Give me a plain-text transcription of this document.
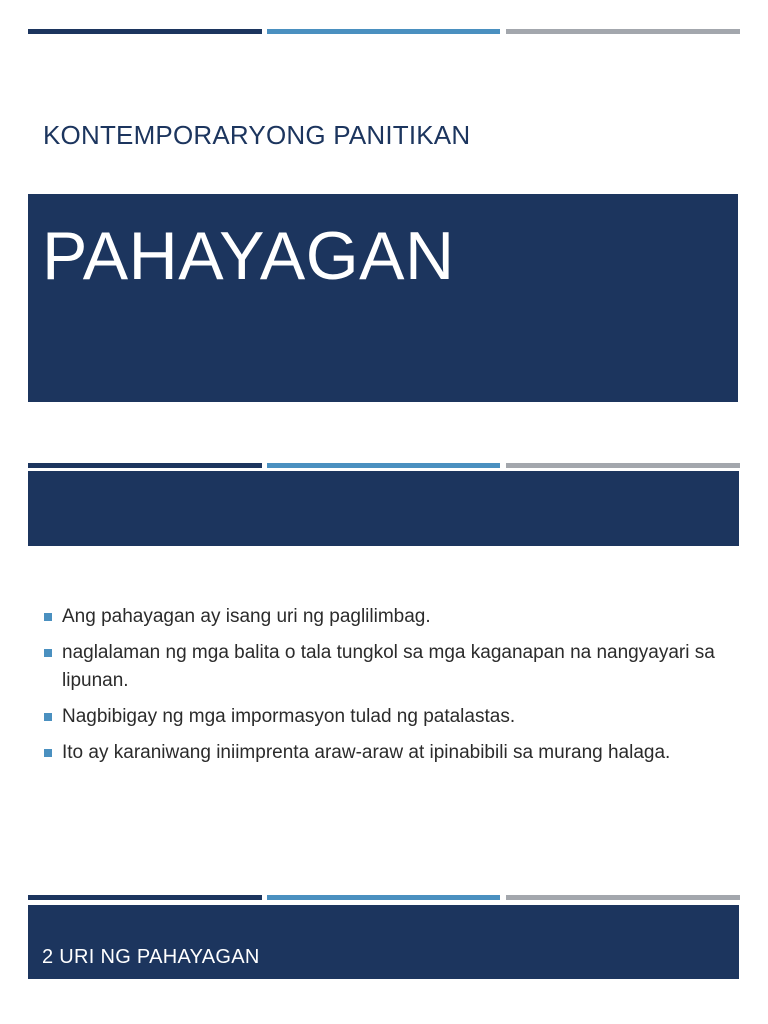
KONTEMPORARYONG PANITIKAN
PAHAYAGAN
Ang pahayagan ay isang uri ng paglilimbag.
naglalaman ng mga balita o tala tungkol sa mga kaganapan na nangyayari sa lipunan.
Nagbibigay ng mga impormasyon tulad ng patalastas.
Ito ay karaniwang iniimprenta araw-araw at ipinabibili sa murang halaga.
2 URI NG PAHAYAGAN
